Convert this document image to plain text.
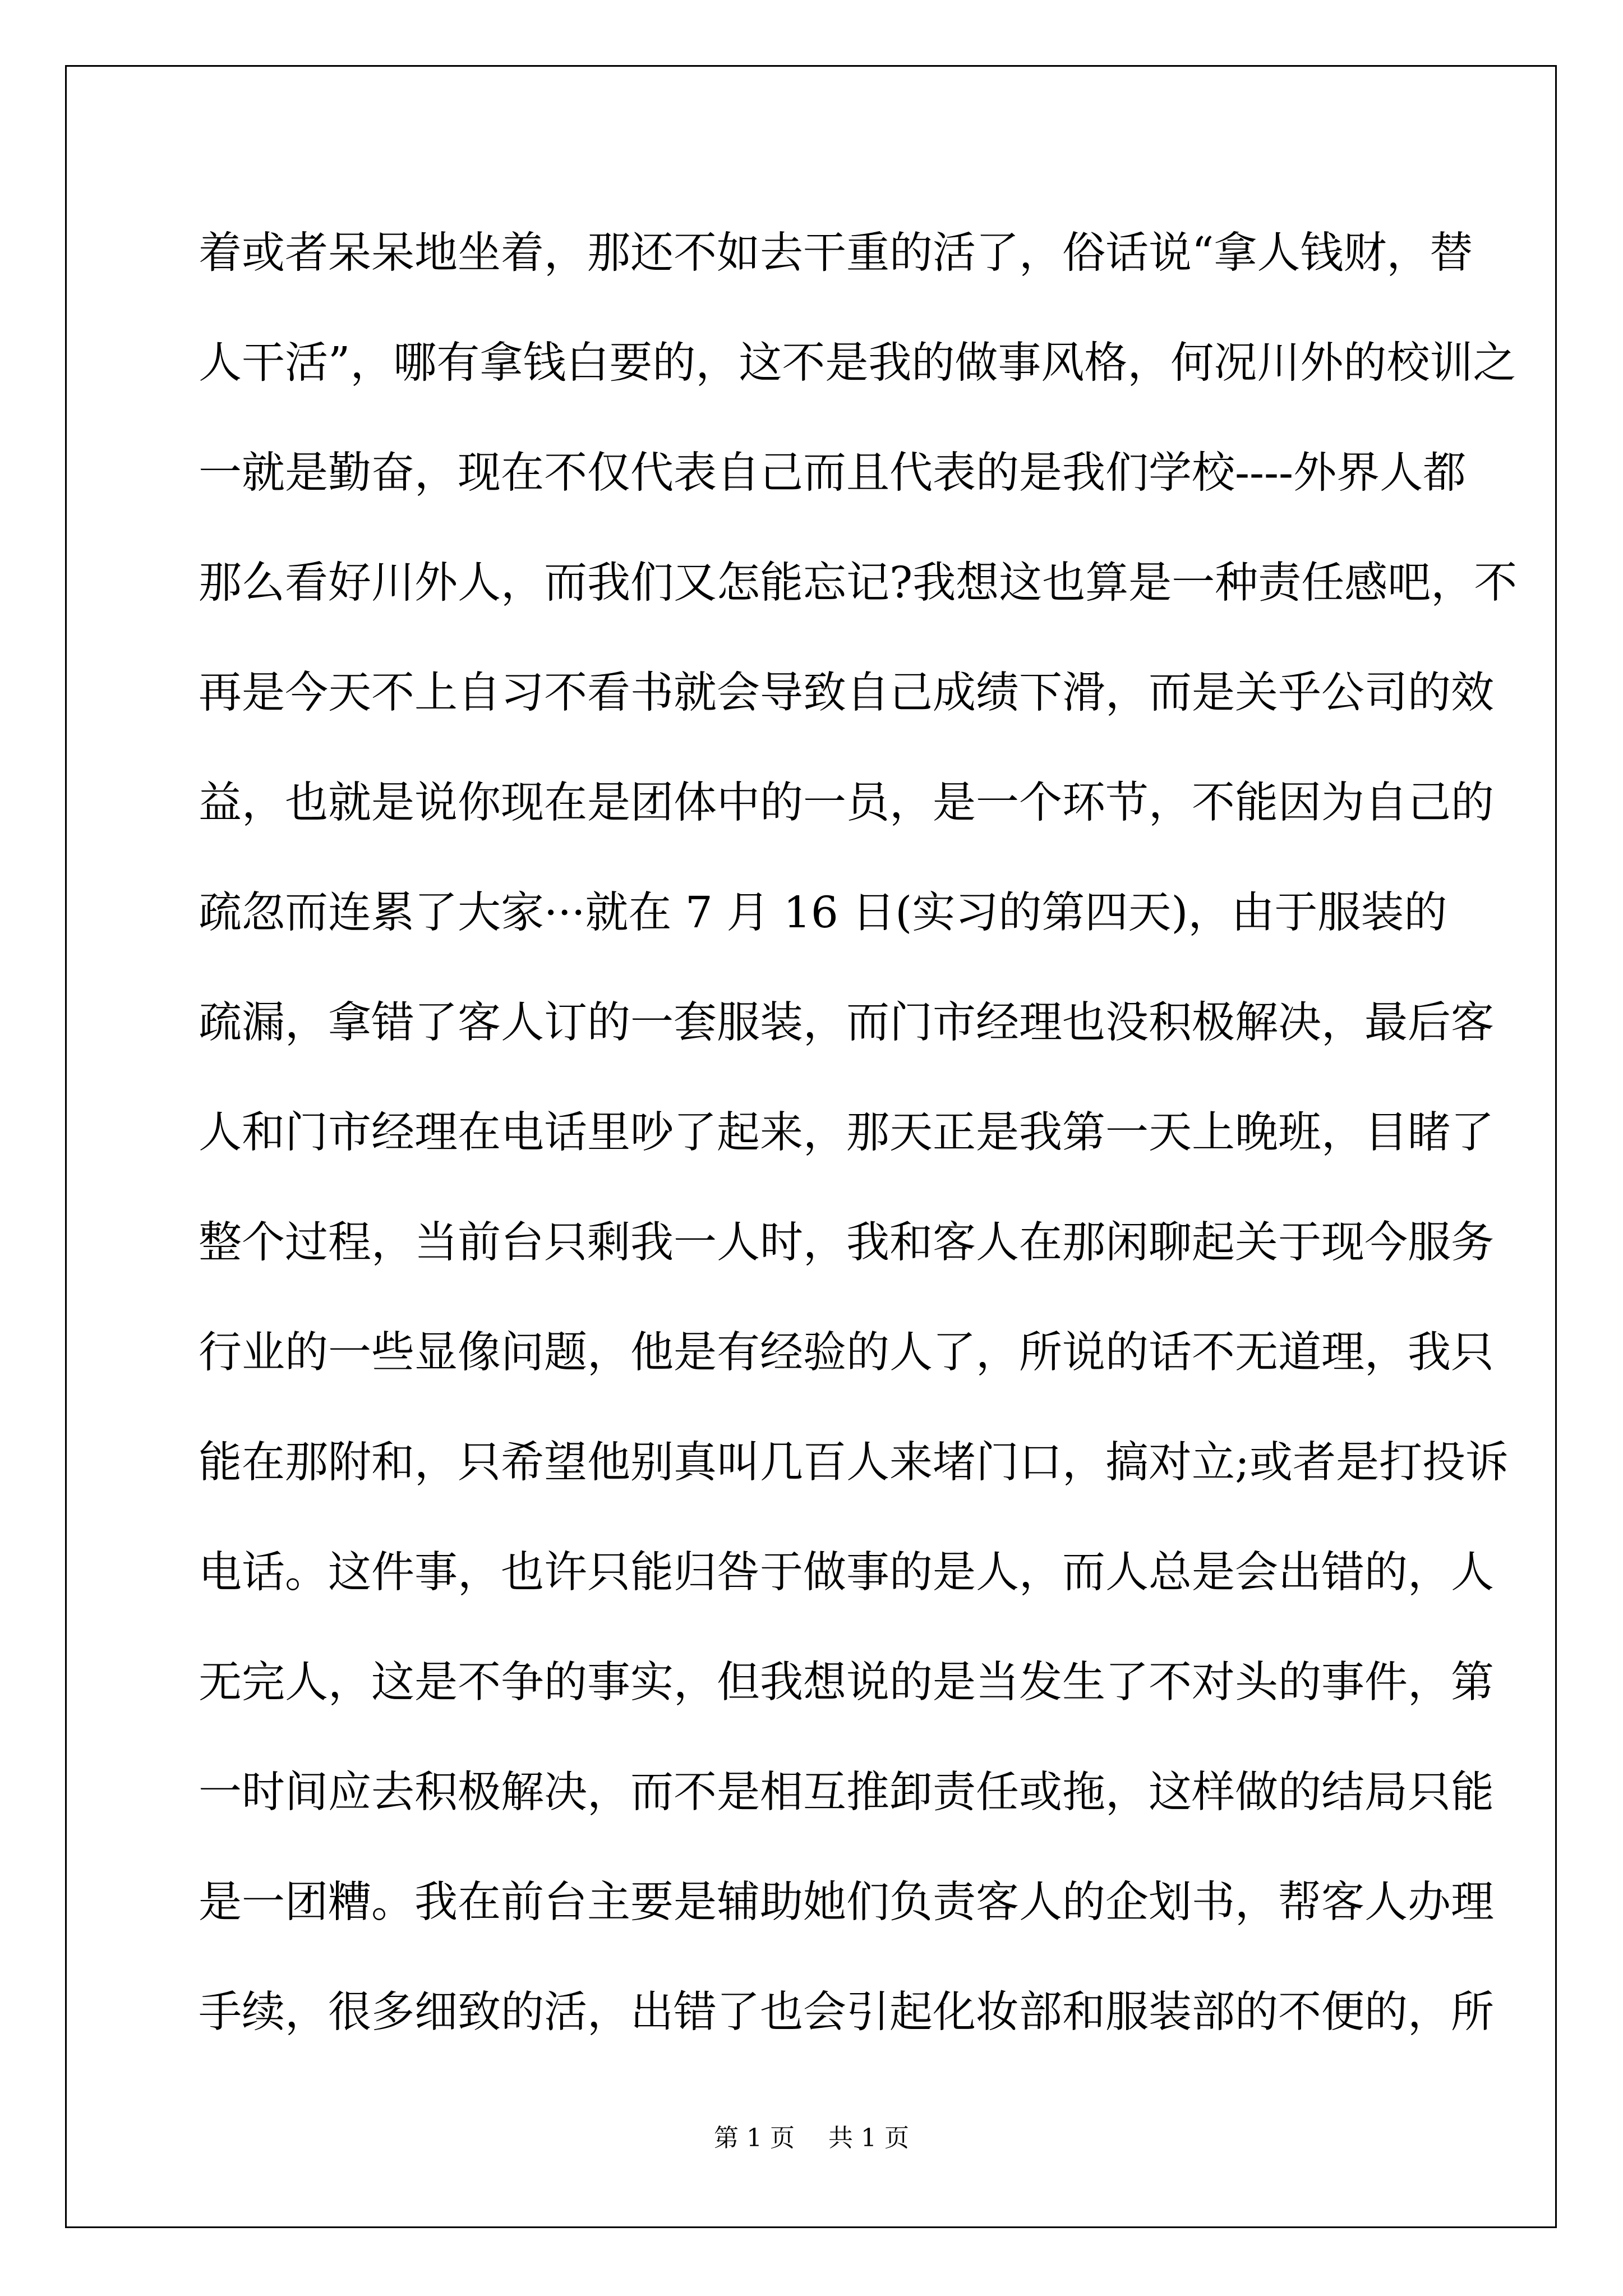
着或者呆呆地坐着，那还不如去干重的活了，俗话说“拿人钱财，替
人干活”，哪有拿钱白要的，这不是我的做事风格，何况川外的校训之
一就是勤奋，现在不仅代表自己而且代表的是我们学校----外界人都
那么看好川外人，而我们又怎能忘记?我想这也算是一种责任感吧，不
再是今天不上自习不看书就会导致自己成绩下滑，而是关乎公司的效
益，也就是说你现在是团体中的一员，是一个环节，不能因为自己的
疏忽而连累了大家···就在 7 月 16 日(实习的第四天)，由于服装的
疏漏，拿错了客人订的一套服装，而门市经理也没积极解决，最后客
人和门市经理在电话里吵了起来，那天正是我第一天上晚班，目睹了
整个过程，当前台只剩我一人时，我和客人在那闲聊起关于现今服务
行业的一些显像问题，他是有经验的人了，所说的话不无道理，我只
能在那附和，只希望他别真叫几百人来堵门口，搞对立;或者是打投诉
电话。这件事，也许只能归咎于做事的是人，而人总是会出错的，人
无完人，这是不争的事实，但我想说的是当发生了不对头的事件，第
一时间应去积极解决，而不是相互推卸责任或拖，这样做的结局只能
是一团糟。我在前台主要是辅助她们负责客人的企划书，帮客人办理
手续，很多细致的活，出错了也会引起化妆部和服装部的不便的，所
第 1 页 共 1 页
